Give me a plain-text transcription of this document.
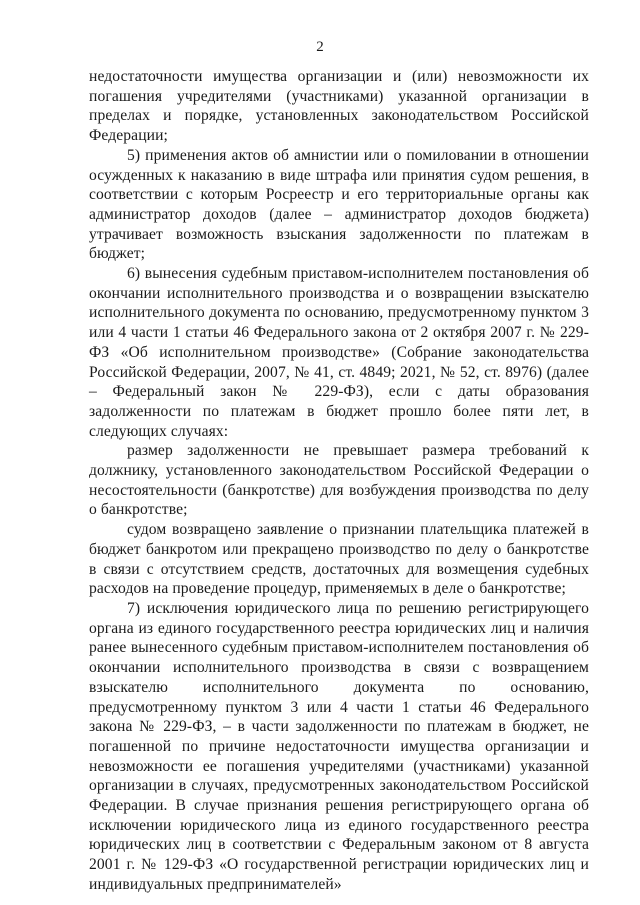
2

недостаточности имущества организации и (или) невозможности их погашения учредителями (участниками) указанной организации в пределах и порядке, установленных законодательством Российской Федерации;

5) применения актов об амнистии или о помиловании в отношении осужденных к наказанию в виде штрафа или принятия судом решения, в соответствии с которым Росреестр и его территориальные органы как администратор доходов (далее – администратор доходов бюджета) утрачивает возможность взыскания задолженности по платежам в бюджет;

6) вынесения судебным приставом-исполнителем постановления об окончании исполнительного производства и о возвращении взыскателю исполнительного документа по основанию, предусмотренному пунктом 3 или 4 части 1 статьи 46 Федерального закона от 2 октября 2007 г. № 229-ФЗ «Об исполнительном производстве» (Собрание законодательства Российской Федерации, 2007, № 41, ст. 4849; 2021, № 52, ст. 8976) (далее – Федеральный закон № 229-ФЗ), если с даты образования задолженности по платежам в бюджет прошло более пяти лет, в следующих случаях:

размер задолженности не превышает размера требований к должнику, установленного законодательством Российской Федерации о несостоятельности (банкротстве) для возбуждения производства по делу о банкротстве;

судом возвращено заявление о признании плательщика платежей в бюджет банкротом или прекращено производство по делу о банкротстве в связи с отсутствием средств, достаточных для возмещения судебных расходов на проведение процедур, применяемых в деле о банкротстве;

7) исключения юридического лица по решению регистрирующего органа из единого государственного реестра юридических лиц и наличия ранее вынесенного судебным приставом-исполнителем постановления об окончании исполнительного производства в связи с возвращением взыскателю исполнительного документа по основанию, предусмотренному пунктом 3 или 4 части 1 статьи 46 Федерального закона № 229-ФЗ, – в части задолженности по платежам в бюджет, не погашенной по причине недостаточности имущества организации и невозможности ее погашения учредителями (участниками) указанной организации в случаях, предусмотренных законодательством Российской Федерации. В случае признания решения регистрирующего органа об исключении юридического лица из единого государственного реестра юридических лиц в соответствии с Федеральным законом от 8 августа 2001 г. № 129-ФЗ «О государственной регистрации юридических лиц и индивидуальных предпринимателей»
